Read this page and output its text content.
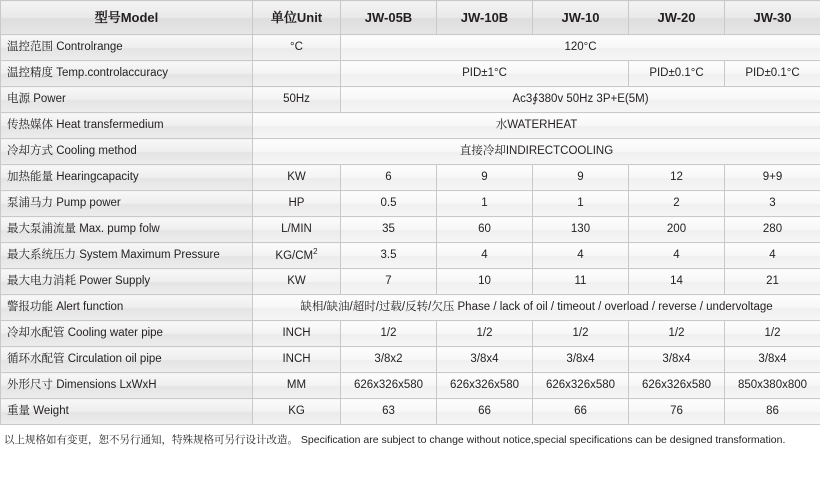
型号Model	单位Unit	JW-05B	JW-10B	JW-10	JW-20	JW-30
温控范围 Controlrange	°C	120°C				
温控精度 Temp.controlaccuracy		PID±1°C			PID±0.1°C	PID±0.1°C
电源 Power	50Hz	Ac3∮380v 50Hz 3P+E(5M)				
传热媒体 Heat transfermedium	水WATERHEAT					
冷却方式 Cooling method	直接冷却INDIRECTCOOLING					
加热能量 Hearingcapacity	KW	6	9	9	12	9+9
泵浦马力 Pump power	HP	0.5	1	1	2	3
最大泵浦流量 Max. pump folw	L/MIN	35	60	130	200	280
最大系统压力 System Maximum Pressure	$KG/CM^2$	3.5	4	4	4	4
最大电力消耗 Power Supply	KW	7	10	11	14	21
警报功能 Alert function	缺相/缺油/超时/过载/反转/欠压 Phase / lack of oil / timeout / overload / reverse / undervoltage					
冷却水配管 Cooling water pipe	INCH	1/2	1/2	1/2	1/2	1/2
循环水配管 Circulation oil pipe	INCH	3/8x2	3/8x4	3/8x4	3/8x4	3/8x4
外形尺寸 Dimensions LxWxH	MM	626x326x580	626x326x580	626x326x580	626x326x580	850x380x800
重量 Weight	KG	63	66	66	76	86
以上规格如有变更，恕不另行通知，特殊规格可另行设计改造。 Specification are subject to change without notice,special specifications can be designed transformation.
